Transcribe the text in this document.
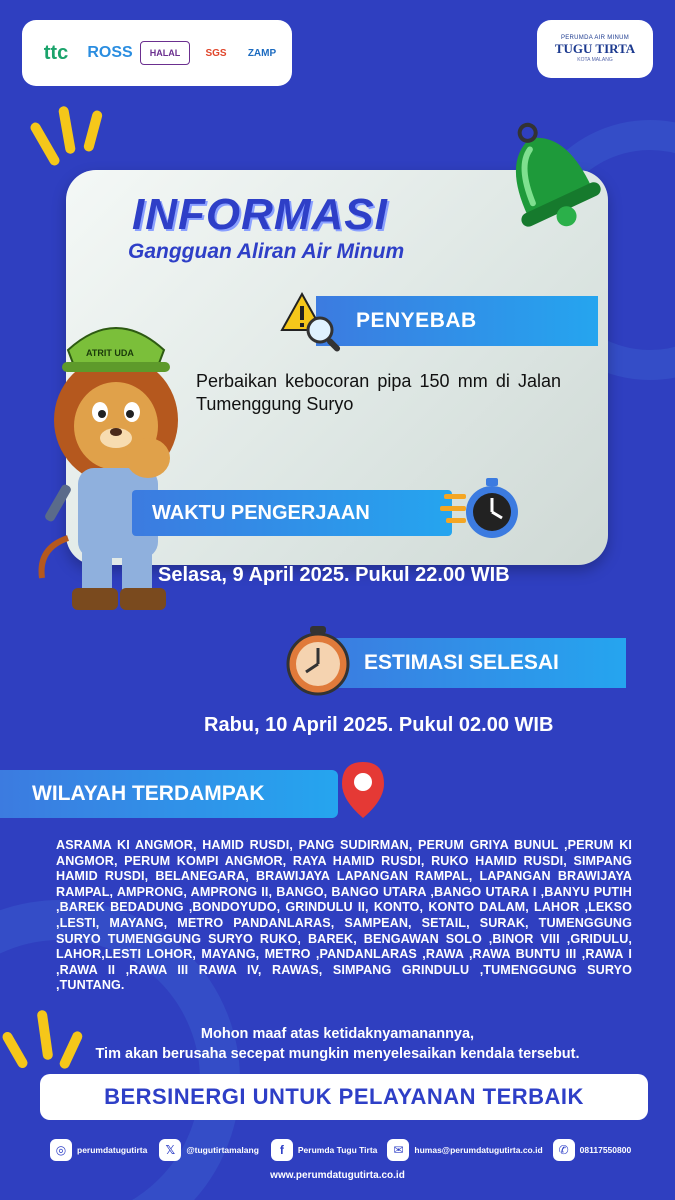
ttc	ROSS	HALAL	SGS	ZAMP
PERUMDA AIR MINUM
TUGU TIRTA
KOTA MALANG
INFORMASI
Gangguan Aliran Air Minum
PENYEBAB
Perbaikan kebocoran pipa 150 mm di Jalan Tumenggung Suryo
ATRIT UDA
WAKTU PENGERJAAN
Selasa, 9 April 2025. Pukul 22.00 WIB
ESTIMASI SELESAI
Rabu, 10 April 2025. Pukul 02.00 WIB
WILAYAH TERDAMPAK
ASRAMA KI ANGMOR, HAMID RUSDI, PANG SUDIRMAN, PERUM GRIYA BUNUL ,PERUM KI ANGMOR, PERUM KOMPI ANGMOR, RAYA HAMID RUSDI, RUKO HAMID RUSDI, SIMPANG HAMID RUSDI, BELANEGARA, BRAWIJAYA LAPANGAN RAMPAL, LAPANGAN BRAWIJAYA RAMPAL, AMPRONG, AMPRONG II, BANGO, BANGO UTARA ,BANGO UTARA I ,BANYU PUTIH ,BAREK BEDADUNG ,BONDOYUDO, GRINDULU II, KONTO, KONTO DALAM, LAHOR ,LEKSO ,LESTI, MAYANG, METRO PANDANLARAS, SAMPEAN, SETAIL, SURAK, TUMENGGUNG SURYO TUMENGGUNG SURYO RUKO, BAREK, BENGAWAN SOLO ,BINOR VIII ,GRIDULU, LAHOR,LESTI LOHOR, MAYANG, METRO ,PANDANLARAS ,RAWA ,RAWA BUNTU III ,RAWA I ,RAWA II ,RAWA III RAWA IV, RAWAS, SIMPANG GRINDULU ,TUMENGGUNG SURYO ,TUNTANG.
Mohon maaf atas ketidaknyamanannya,
Tim akan berusaha secepat mungkin menyelesaikan kendala tersebut.
BERSINERGI UNTUK PELAYANAN TERBAIK
◎	perumdatugutirta	𝕏	@tugutirtamalang	f	Perumda Tugu Tirta	✉	humas@perumdatugutirta.co.id	✆	08117550800
www.perumdatugutirta.co.id
